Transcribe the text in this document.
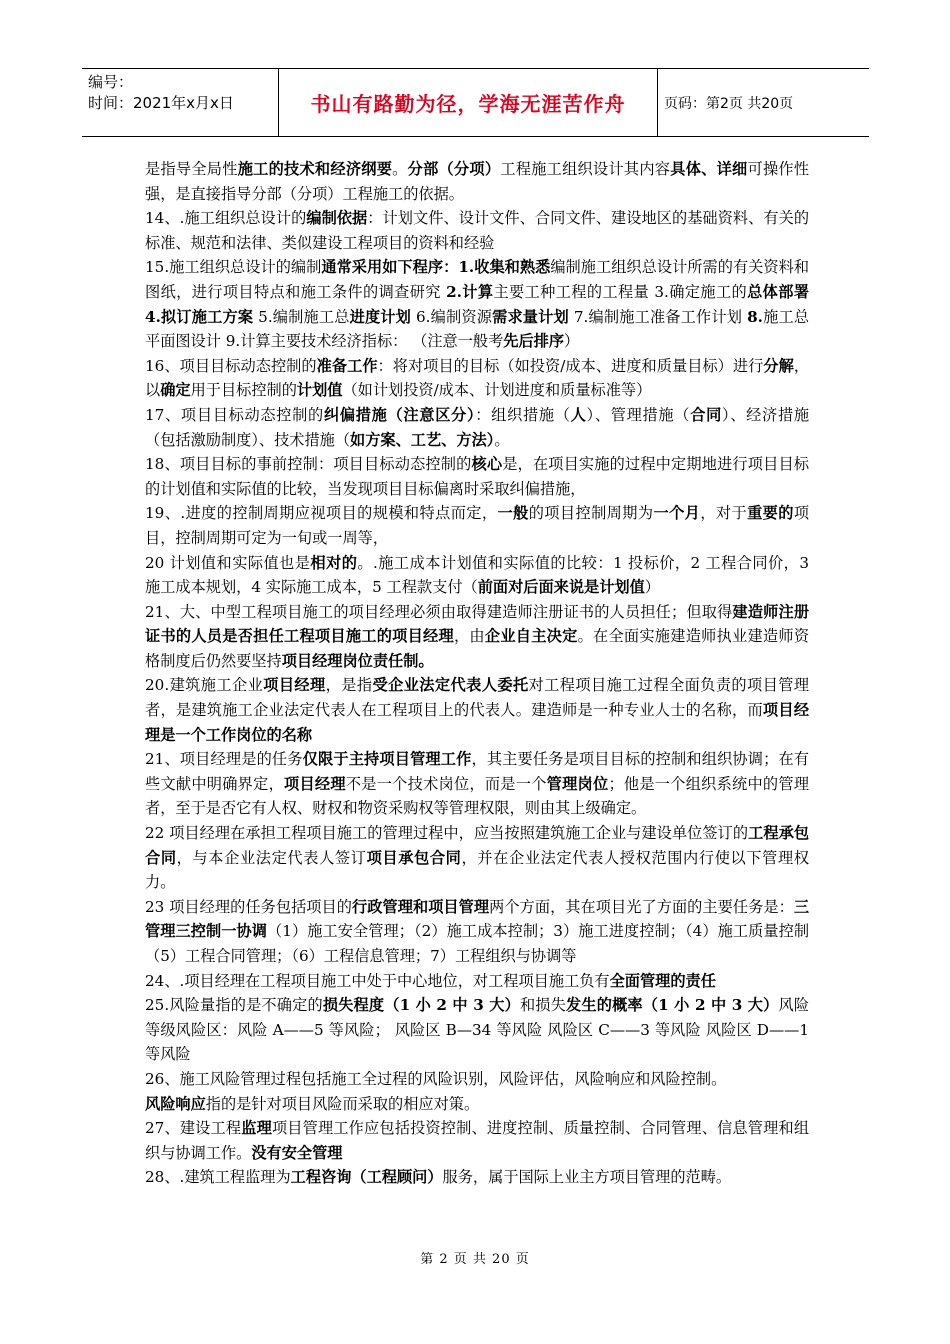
编号：
时间：2021年x月x日	书山有路勤为径，学海无涯苦作舟	页码：第2页 共20页

是指导全局性施工的技术和经济纲要。分部（分项）工程施工组织设计其内容具体、详细可操作性强，是直接指导分部（分项）工程施工的依据。

14、.施工组织总设计的编制依据：计划文件、设计文件、合同文件、建设地区的基础资料、有关的标准、规范和法律、类似建设工程项目的资料和经验

15.施工组织总设计的编制通常采用如下程序：1.收集和熟悉编制施工组织总设计所需的有关资料和图纸，进行项目特点和施工条件的调查研究 2.计算主要工种工程的工程量 3.确定施工的总体部署 4.拟订施工方案 5.编制施工总进度计划 6.编制资源需求量计划 7.编制施工准备工作计划 8.施工总平面图设计 9.计算主要技术经济指标： （注意一般考先后排序）

16、项目目标动态控制的准备工作：将对项目的目标（如投资/成本、进度和质量目标）进行分解，以确定用于目标控制的计划值（如计划投资/成本、计划进度和质量标准等）

17、项目目标动态控制的纠偏措施（注意区分）：组织措施（人）、管理措施（合同）、经济措施（包括激励制度）、技术措施（如方案、工艺、方法）。

18、项目目标的事前控制：项目目标动态控制的核心是，在项目实施的过程中定期地进行项目目标的计划值和实际值的比较，当发现项目目标偏离时采取纠偏措施，

19、.进度的控制周期应视项目的规模和特点而定，一般的项目控制周期为一个月，对于重要的项目，控制周期可定为一旬或一周等，

20 计划值和实际值也是相对的。.施工成本计划值和实际值的比较：1 投标价，2 工程合同价，3 施工成本规划，4 实际施工成本，5 工程款支付（前面对后面来说是计划值）

21、大、中型工程项目施工的项目经理必须由取得建造师注册证书的人员担任；但取得建造师注册证书的人员是否担任工程项目施工的项目经理，由企业自主决定。在全面实施建造师执业建造师资格制度后仍然要坚持项目经理岗位责任制。

20.建筑施工企业项目经理，是指受企业法定代表人委托对工程项目施工过程全面负责的项目管理者，是建筑施工企业法定代表人在工程项目上的代表人。建造师是一种专业人士的名称，而项目经理是一个工作岗位的名称

21、项目经理是的任务仅限于主持项目管理工作，其主要任务是项目目标的控制和组织协调；在有些文献中明确界定，项目经理不是一个技术岗位，而是一个管理岗位；他是一个组织系统中的管理者，至于是否它有人权、财权和物资采购权等管理权限，则由其上级确定。

22 项目经理在承担工程项目施工的管理过程中，应当按照建筑施工企业与建设单位签订的工程承包合同，与本企业法定代表人签订项目承包合同，并在企业法定代表人授权范围内行使以下管理权力。

23 项目经理的任务包括项目的行政管理和项目管理两个方面，其在项目光了方面的主要任务是：三管理三控制一协调（1）施工安全管理；（2）施工成本控制；3）施工进度控制；（4）施工质量控制（5）工程合同管理；（6）工程信息管理；7）工程组织与协调等

24、.项目经理在工程项目施工中处于中心地位，对工程项目施工负有全面管理的责任

25.风险量指的是不确定的损失程度（1 小 2 中 3 大）和损失发生的概率（1 小 2 中 3 大）风险等级风险区：风险 A——5 等风险； 风险区 B—34 等风险 风险区 C——3 等风险 风险区 D——1 等风险

26、施工风险管理过程包括施工全过程的风险识别，风险评估，风险响应和风险控制。

风险响应指的是针对项目风险而采取的相应对策。

27、建设工程监理项目管理工作应包括投资控制、进度控制、质量控制、合同管理、信息管理和组织与协调工作。没有安全管理

28、.建筑工程监理为工程咨询（工程顾问）服务，属于国际上业主方项目管理的范畴。

第 2 页 共 20 页
